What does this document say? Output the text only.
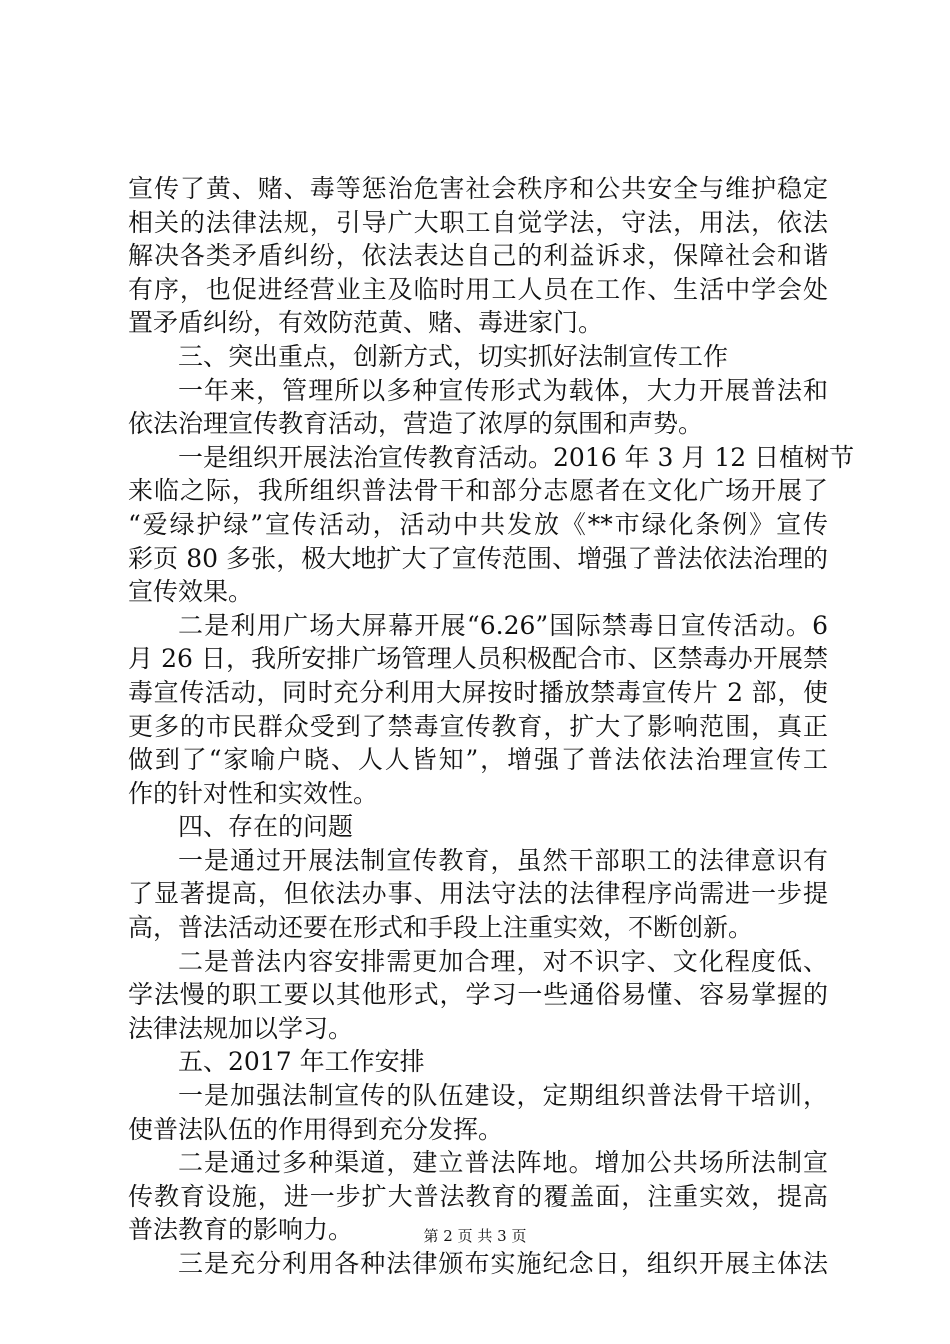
宣传了黄、赌、毒等惩治危害社会秩序和公共安全与维护稳定
相关的法律法规，引导广大职工自觉学法，守法，用法，依法
解决各类矛盾纠纷，依法表达自己的利益诉求，保障社会和谐
有序，也促进经营业主及临时用工人员在工作、生活中学会处
置矛盾纠纷，有效防范黄、赌、毒进家门。
三、突出重点，创新方式，切实抓好法制宣传工作
一年来，管理所以多种宣传形式为载体，大力开展普法和
依法治理宣传教育活动，营造了浓厚的氛围和声势。
一是组织开展法治宣传教育活动。2016 年 3 月 12 日植树节
来临之际，我所组织普法骨干和部分志愿者在文化广场开展了
“爱绿护绿”宣传活动，活动中共发放《**市绿化条例》宣传
彩页 80 多张，极大地扩大了宣传范围、增强了普法依法治理的
宣传效果。
二是利用广场大屏幕开展“6.26”国际禁毒日宣传活动。6
月 26 日，我所安排广场管理人员积极配合市、区禁毒办开展禁
毒宣传活动，同时充分利用大屏按时播放禁毒宣传片 2 部，使
更多的市民群众受到了禁毒宣传教育，扩大了影响范围，真正
做到了“家喻户晓、人人皆知”，增强了普法依法治理宣传工
作的针对性和实效性。
四、存在的问题
一是通过开展法制宣传教育，虽然干部职工的法律意识有
了显著提高，但依法办事、用法守法的法律程序尚需进一步提
高，普法活动还要在形式和手段上注重实效，不断创新。
二是普法内容安排需更加合理，对不识字、文化程度低、
学法慢的职工要以其他形式，学习一些通俗易懂、容易掌握的
法律法规加以学习。
五、2017 年工作安排
一是加强法制宣传的队伍建设，定期组织普法骨干培训，
使普法队伍的作用得到充分发挥。
二是通过多种渠道，建立普法阵地。增加公共场所法制宣
传教育设施，进一步扩大普法教育的覆盖面，注重实效，提高
普法教育的影响力。
三是充分利用各种法律颁布实施纪念日，组织开展主体法
第 2 页 共 3 页
